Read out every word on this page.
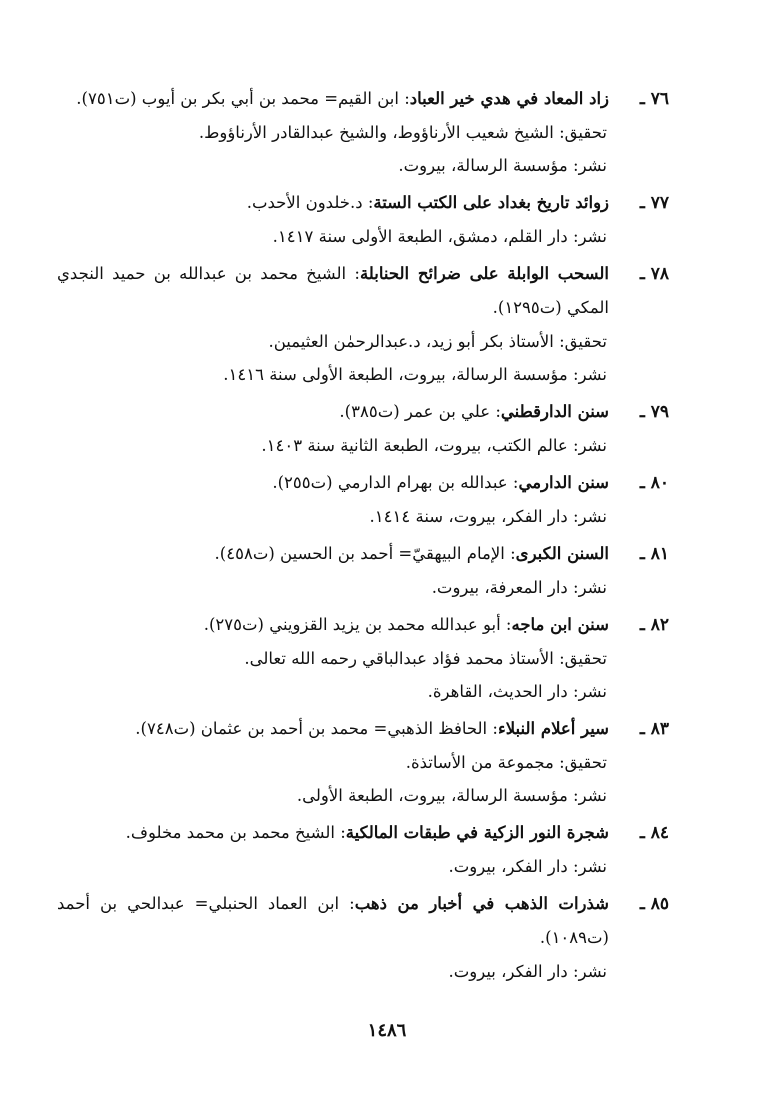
٧٦ ـ
زاد المعاد في هدي خير العباد: ابن القيم= محمد بن أبي بكر بن أيوب (ت٧٥١).
تحقيق: الشيخ شعيب الأرناؤوط، والشيخ عبدالقادر الأرناؤوط.
نشر: مؤسسة الرسالة، بيروت.
٧٧ ـ
زوائد تاريخ بغداد على الكتب الستة: د.خلدون الأحدب.
نشر: دار القلم، دمشق، الطبعة الأولى سنة ١٤١٧.
٧٨ ـ
السحب الوابلة على ضرائح الحنابلة: الشيخ محمد بن عبدالله بن حميد النجدي المكي (ت١٢٩٥).
تحقيق: الأستاذ بكر أبو زيد، د.عبدالرحمٰن العثيمين.
نشر: مؤسسة الرسالة، بيروت، الطبعة الأولى سنة ١٤١٦.
٧٩ ـ
سنن الدارقطني: علي بن عمر (ت٣٨٥).
نشر: عالم الكتب، بيروت، الطبعة الثانية سنة ١٤٠٣.
٨٠ ـ
سنن الدارمي: عبدالله بن بهرام الدارمي (ت٢٥٥).
نشر: دار الفكر، بيروت، سنة ١٤١٤.
٨١ ـ
السنن الكبرى: الإمام البيهقيّ= أحمد بن الحسين (ت٤٥٨).
نشر: دار المعرفة، بيروت.
٨٢ ـ
سنن ابن ماجه: أبو عبدالله محمد بن يزيد القزويني (ت٢٧٥).
تحقيق: الأستاذ محمد فؤاد عبدالباقي رحمه الله تعالى.
نشر: دار الحديث، القاهرة.
٨٣ ـ
سير أعلام النبلاء: الحافظ الذهبي= محمد بن أحمد بن عثمان (ت٧٤٨).
تحقيق: مجموعة من الأساتذة.
نشر: مؤسسة الرسالة، بيروت، الطبعة الأولى.
٨٤ ـ
شجرة النور الزكية في طبقات المالكية: الشيخ محمد بن محمد مخلوف.
نشر: دار الفكر، بيروت.
٨٥ ـ
شذرات الذهب في أخبار من ذهب: ابن العماد الحنبلي= عبدالحي بن أحمد (ت١٠٨٩).
نشر: دار الفكر، بيروت.
١٤٨٦
